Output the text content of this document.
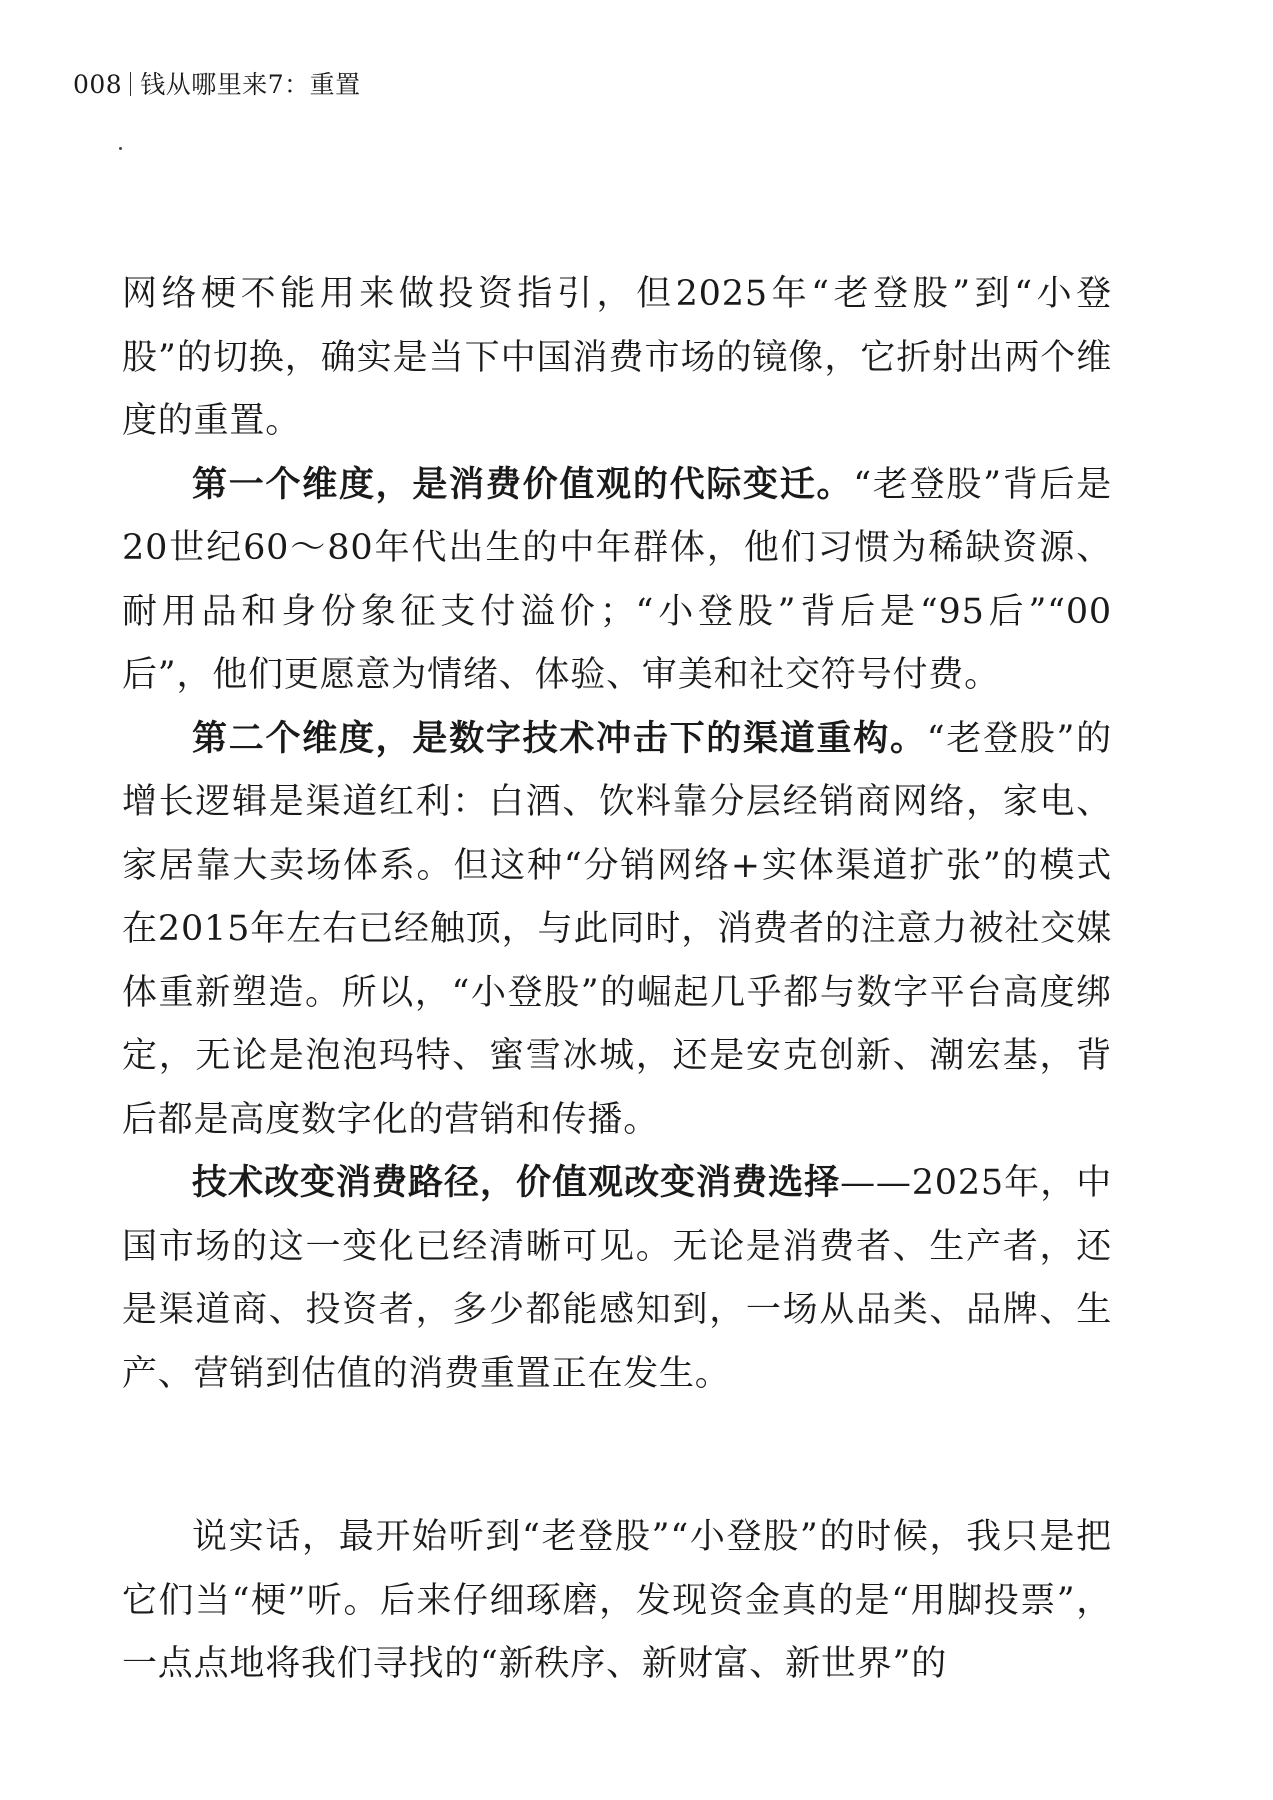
008 钱从哪里来7：重置

网络梗不能用来做投资指引，但2025年“老登股”到“小登股”的切换，确实是当下中国消费市场的镜像，它折射出两个维度的重置。

第一个维度，是消费价值观的代际变迁。“老登股”背后是20世纪60～80年代出生的中年群体，他们习惯为稀缺资源、耐用品和身份象征支付溢价；“小登股”背后是“95后”“00后”，他们更愿意为情绪、体验、审美和社交符号付费。

第二个维度，是数字技术冲击下的渠道重构。“老登股”的增长逻辑是渠道红利：白酒、饮料靠分层经销商网络，家电、家居靠大卖场体系。但这种“分销网络+实体渠道扩张”的模式在2015年左右已经触顶，与此同时，消费者的注意力被社交媒体重新塑造。所以，“小登股”的崛起几乎都与数字平台高度绑定，无论是泡泡玛特、蜜雪冰城，还是安克创新、潮宏基，背后都是高度数字化的营销和传播。

技术改变消费路径，价值观改变消费选择——2025年，中国市场的这一变化已经清晰可见。无论是消费者、生产者，还是渠道商、投资者，多少都能感知到，一场从品类、品牌、生产、营销到估值的消费重置正在发生。

说实话，最开始听到“老登股”“小登股”的时候，我只是把它们当“梗”听。后来仔细琢磨，发现资金真的是“用脚投票”，一点点地将我们寻找的“新秩序、新财富、新世界”的
